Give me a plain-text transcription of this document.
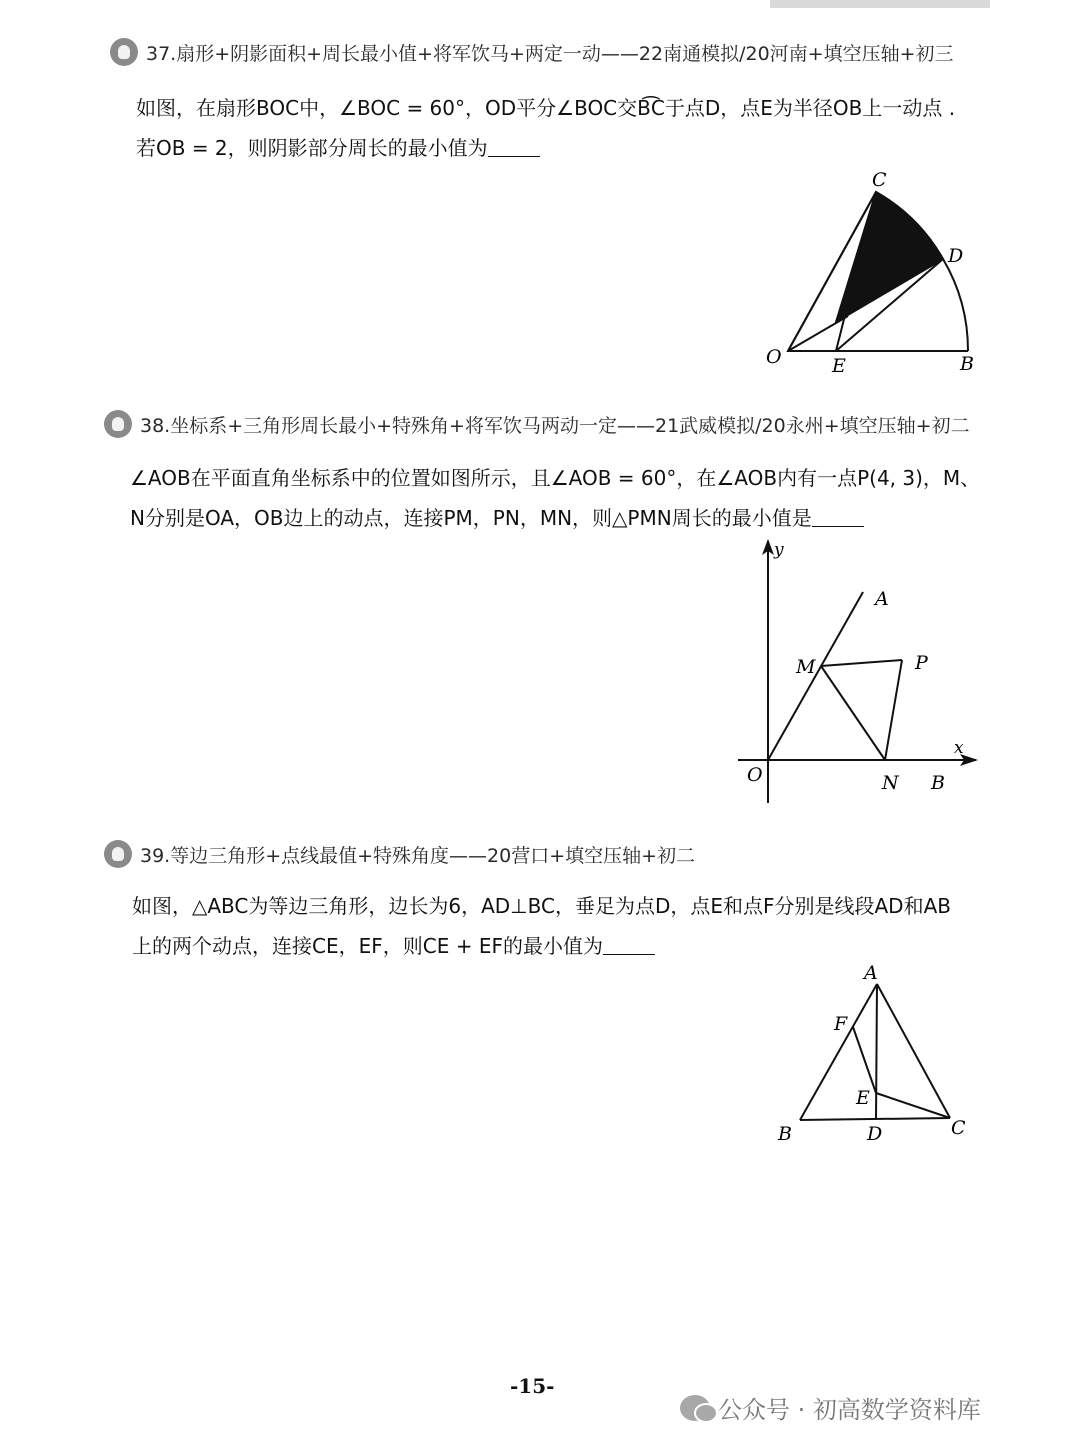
37.扇形+阴影面积+周长最小值+将军饮马+两定一动——22南通模拟/20河南+填空压轴+初三
如图，在扇形BOC中，∠BOC = 60°，OD平分∠BOC交B͡C于点D，点E为半径OB上一动点 .
若OB = 2，则阴影部分周长的最小值为
C
D
O	E	B
38.坐标系+三角形周长最小+特殊角+将军饮马两动一定——21武威模拟/20永州+填空压轴+初二
∠AOB在平面直角坐标系中的位置如图所示，且∠AOB = 60°，在∠AOB内有一点P(4, 3)，M、
N分别是OA，OB边上的动点，连接PM，PN，MN，则△PMN周长的最小值是
y
A
M	P
x
O	N B
39.等边三角形+点线最值+特殊角度——20营口+填空压轴+初二
如图，△ABC为等边三角形，边长为6，AD⊥BC，垂足为点D，点E和点F分别是线段AD和AB
上的两个动点，连接CE，EF，则CE + EF的最小值为
A
F
E
B	D	C
-15-
公众号 · 初高数学资料库
